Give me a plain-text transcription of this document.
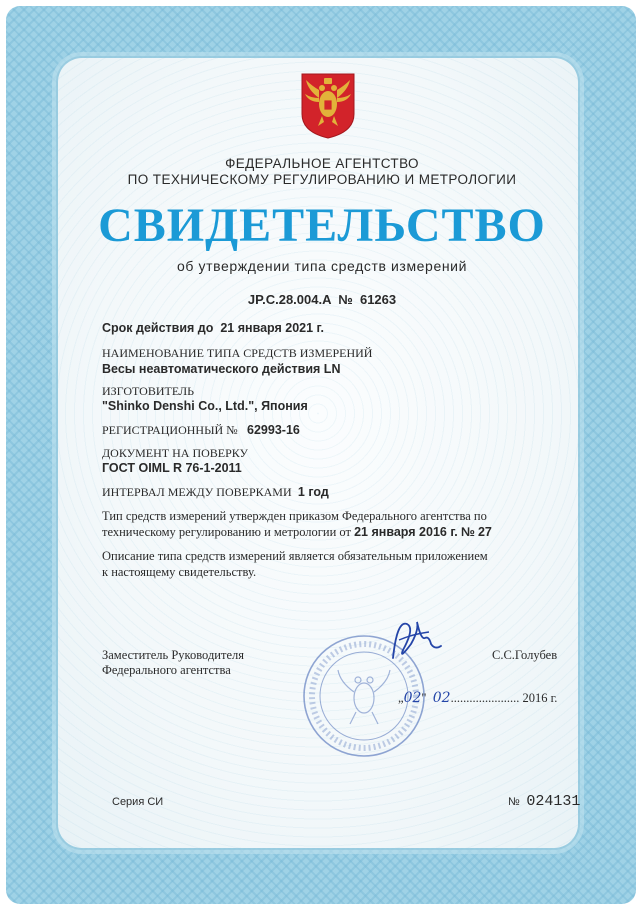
ФЕДЕРАЛЬНОЕ АГЕНТСТВО
ПО ТЕХНИЧЕСКОМУ РЕГУЛИРОВАНИЮ И МЕТРОЛОГИИ
СВИДЕТЕЛЬСТВО
об утверждении типа средств измерений
JP.C.28.004.A № 61263
Срок действия до 21 января 2021 г.
НАИМЕНОВАНИЕ ТИПА СРЕДСТВ ИЗМЕРЕНИЙ
Весы неавтоматического действия LN
ИЗГОТОВИТЕЛЬ
"Shinko Denshi Co., Ltd.", Япония
РЕГИСТРАЦИОННЫЙ № 62993-16
ДОКУМЕНТ НА ПОВЕРКУ
ГОСТ OIML R 76-1-2011
ИНТЕРВАЛ МЕЖДУ ПОВЕРКАМИ 1 год
Тип средств измерений утвержден приказом Федерального агентства по
техническому регулированию и метрологии от 21 января 2016 г. № 27
Описание типа средств измерений является обязательным приложением
к настоящему свидетельству.
Заместитель Руководителя
Федерального агентства
С.С.Голубев
„02" 02...................... 2016 г.
Серия СИ	№ 024131
